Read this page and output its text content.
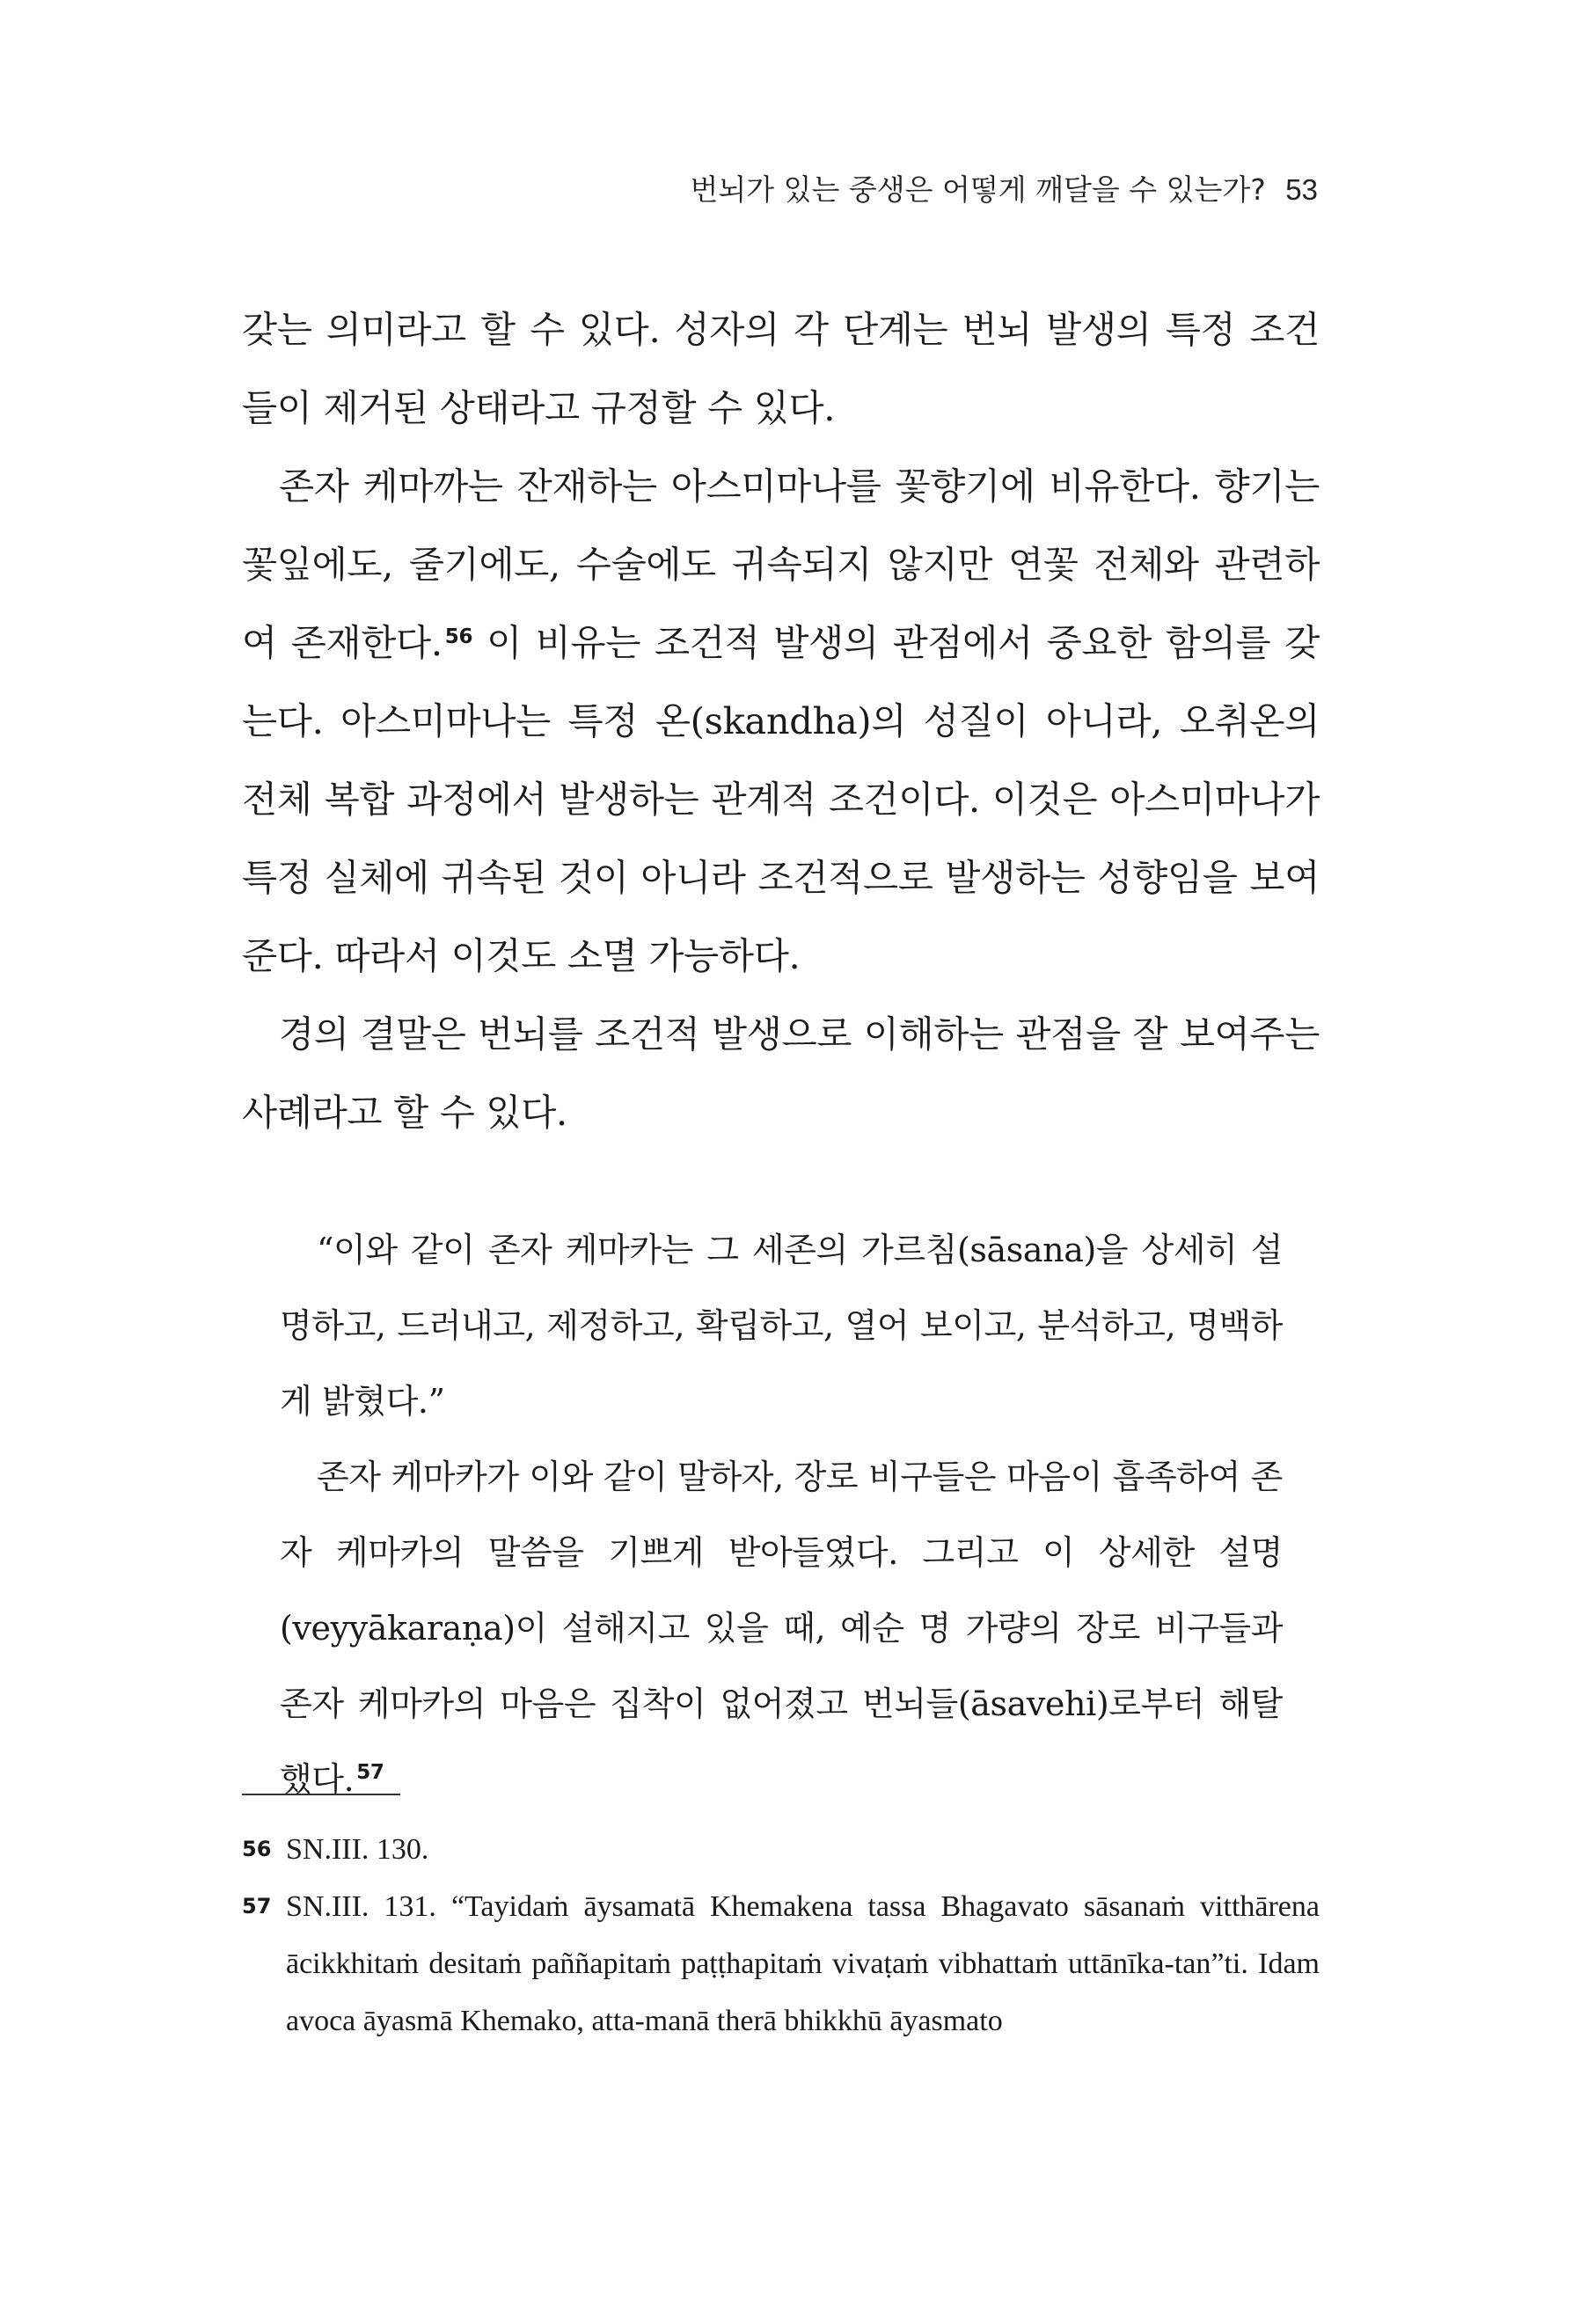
번뇌가 있는 중생은 어떻게 깨달을 수 있는가? 53

갖는 의미라고 할 수 있다. 성자의 각 단계는 번뇌 발생의 특정 조건들이 제거된 상태라고 규정할 수 있다.

존자 케마까는 잔재하는 아스미마나를 꽃향기에 비유한다. 향기는 꽃잎에도, 줄기에도, 수술에도 귀속되지 않지만 연꽃 전체와 관련하여 존재한다. $^{56}$ 이 비유는 조건적 발생의 관점에서 중요한 함의를 갖는다. 아스미마나는 특정 온(skandha)의 성질이 아니라, 오취온의 전체 복합 과정에서 발생하는 관계적 조건이다. 이것은 아스미마나가 특정 실체에 귀속된 것이 아니라 조건적으로 발생하는 성향임을 보여준다. 따라서 이것도 소멸 가능하다.

경의 결말은 번뇌를 조건적 발생으로 이해하는 관점을 잘 보여주는 사례라고 할 수 있다.

“이와 같이 존자 케마카는 그 세존의 가르침(sāsana)을 상세히 설명하고, 드러내고, 제정하고, 확립하고, 열어 보이고, 분석하고, 명백하게 밝혔다.”

존자 케마카가 이와 같이 말하자, 장로 비구들은 마음이 흡족하여 존자 케마카의 말씀을 기쁘게 받아들였다. 그리고 이 상세한 설명(veyyākaraṇa)이 설해지고 있을 때, 예순 명 가량의 장로 비구들과 존자 케마카의 마음은 집착이 없어졌고 번뇌들(āsavehi)로부터 해탈했다. $^{57}$

56 SN.III. 130.
57 SN.III. 131. “Tayidaṁ āysamatā Khemakena tassa Bhagavato sāsanaṁ vitthārena ācikkhitaṁ desitaṁ paññapitaṁ paṭṭhapitaṁ vivaṭaṁ vibhattaṁ uttānīka-tan”ti. Idam avoca āyasmā Khemako, atta-manā therā bhikkhū āyasmato
